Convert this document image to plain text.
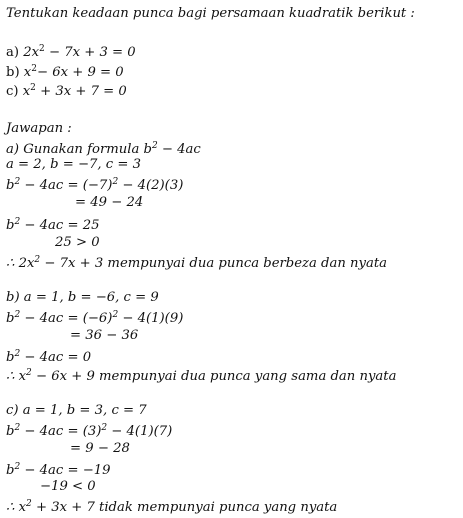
Tentukan keadaan punca bagi persamaan kuadratik berikut :
a) $2x^2 - 7x + 3 = 0$
b) $x^2- 6x + 9 = 0$
c) $x^2 + 3x + 7 = 0$
Jawapan :
a) Gunakan formula $b^2 - 4ac$
a = 2, b = −7, c = 3
$b^2 - 4ac = (-7)^2 - 4(2)(3)$
= 49 − 24
$b^2 - 4ac = 25$
25 > 0
∴ $2x^2 - 7x + 3$ mempunyai dua punca berbeza dan nyata
b) a = 1, b = −6, c = 9
$b^2 - 4ac = (-6)^2 - 4(1)(9)$
= 36 − 36
$b^2 - 4ac = 0$
∴ $x^2 - 6x + 9$ mempunyai dua punca yang sama dan nyata
c) a = 1, b = 3, c = 7
$b^2 - 4ac = (3)^2 - 4(1)(7)$
= 9 − 28
$b^2 - 4ac = -19$
−19 < 0
∴ $x^2 + 3x + 7$ tidak mempunyai punca yang nyata
